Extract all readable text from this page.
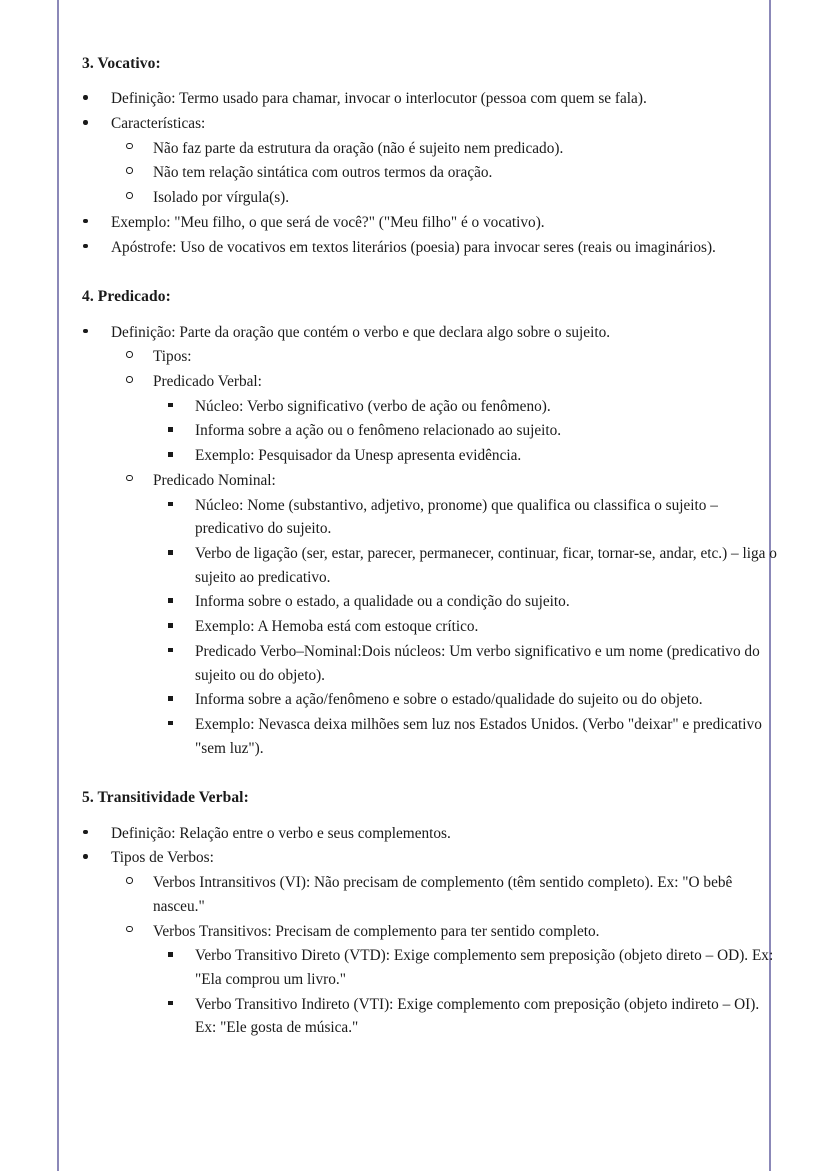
3. Vocativo:
Definição: Termo usado para chamar, invocar o interlocutor (pessoa com quem se fala).
Características:
Não faz parte da estrutura da oração (não é sujeito nem predicado).
Não tem relação sintática com outros termos da oração.
Isolado por vírgula(s).
Exemplo: "Meu filho, o que será de você?" ("Meu filho" é o vocativo).
Apóstrofe: Uso de vocativos em textos literários (poesia) para invocar seres (reais ou imaginários).
4. Predicado:
Definição: Parte da oração que contém o verbo e que declara algo sobre o sujeito.
Tipos:
Predicado Verbal:
Núcleo: Verbo significativo (verbo de ação ou fenômeno).
Informa sobre a ação ou o fenômeno relacionado ao sujeito.
Exemplo: Pesquisador da Unesp apresenta evidência.
Predicado Nominal:
Núcleo: Nome (substantivo, adjetivo, pronome) que qualifica ou classifica o sujeito – predicativo do sujeito.
Verbo de ligação (ser, estar, parecer, permanecer, continuar, ficar, tornar-se, andar, etc.) – liga o sujeito ao predicativo.
Informa sobre o estado, a qualidade ou a condição do sujeito.
Exemplo: A Hemoba está com estoque crítico.
Predicado Verbo–Nominal:Dois núcleos: Um verbo significativo e um nome (predicativo do sujeito ou do objeto).
Informa sobre a ação/fenômeno e sobre o estado/qualidade do sujeito ou do objeto.
Exemplo: Nevasca deixa milhões sem luz nos Estados Unidos. (Verbo "deixar" e predicativo "sem luz").
5. Transitividade Verbal:
Definição: Relação entre o verbo e seus complementos.
Tipos de Verbos:
Verbos Intransitivos (VI): Não precisam de complemento (têm sentido completo). Ex: "O bebê nasceu."
Verbos Transitivos: Precisam de complemento para ter sentido completo.
Verbo Transitivo Direto (VTD): Exige complemento sem preposição (objeto direto – OD). Ex: "Ela comprou um livro."
Verbo Transitivo Indireto (VTI): Exige complemento com preposição (objeto indireto – OI). Ex: "Ele gosta de música."
